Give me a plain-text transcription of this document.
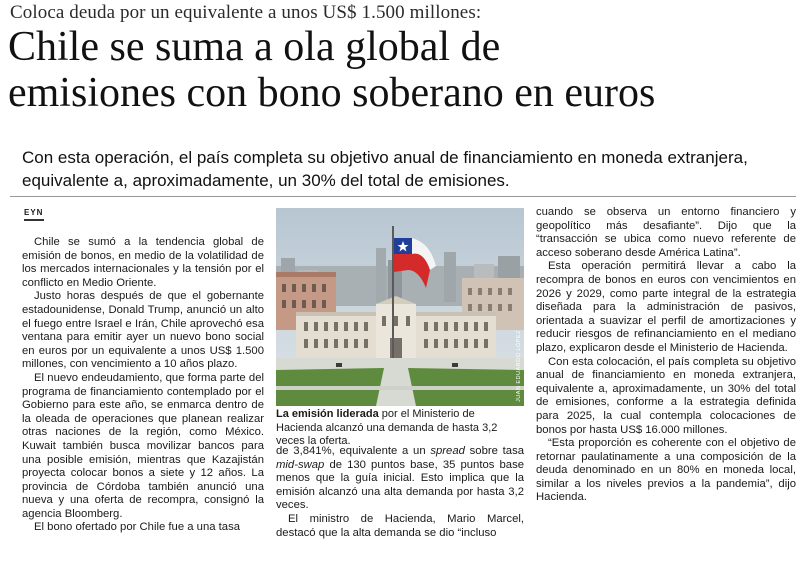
Coloca deuda por un equivalente a unos US$ 1.500 millones:
Chile se suma a ola global de
emisiones con bono soberano en euros
Con esta operación, el país completa su objetivo anual de financiamiento en moneda extranjera, equivalente a, aproximadamente, un 30% del total de emisiones.
EYN

Chile se sumó a la tendencia global de emisión de bonos, en medio de la volatilidad de los mercados internacionales y la tensión por el conflicto en Medio Oriente.

Justo horas después de que el gobernante estadounidense, Donald Trump, anunció un alto el fuego entre Israel e Irán, Chile aprovechó esa ventana para emitir ayer un nuevo bono social en euros por un equivalente a unos US$ 1.500 millones, con vencimiento a 10 años plazo.

El nuevo endeudamiento, que forma parte del programa de financiamiento contemplado por el Gobierno para este año, se enmarca dentro de la oleada de operaciones que planean realizar otras naciones de la región, como México. Kuwait también busca movilizar bancos para una posible emisión, mientras que Kazajistán proyecta colocar bonos a siete y 12 años. La provincia de Córdoba también anunció una nueva y una oferta de recompra, consignó la agencia Bloomberg.

El bono ofertado por Chile fue a una tasa

JUAN EDUARDO LÓPEZ
La emisión liderada por el Ministerio de Hacienda alcanzó una demanda de hasta 3,2 veces la oferta.

de 3,841%, equivalente a un spread sobre tasa mid-swap de 130 puntos base, 35 puntos base menos que la guía inicial. Esto implica que la emisión alcanzó una alta demanda por hasta 3,2 veces.

El ministro de Hacienda, Mario Marcel, destacó que la alta demanda se dio “incluso

cuando se observa un entorno financiero y geopolítico más desafiante”. Dijo que la “transacción se ubica como nuevo referente de acceso soberano desde América Latina”.

Esta operación permitirá llevar a cabo la recompra de bonos en euros con vencimientos en 2026 y 2029, como parte integral de la estrategia diseñada para la administración de pasivos, orientada a suavizar el perfil de amortizaciones y reducir riesgos de refinanciamiento en el mediano plazo, explicaron desde el Ministerio de Hacienda.

Con esta colocación, el país completa su objetivo anual de financiamiento en moneda extranjera, equivalente a, aproximadamente, un 30% del total de emisiones, conforme a la estrategia definida para 2025, la cual contempla colocaciones de bonos por hasta US$ 16.000 millones.

“Esta proporción es coherente con el objetivo de retornar paulatinamente a una composición de la deuda denominado en un 80% en moneda local, similar a los niveles previos a la pandemia”, dijo Hacienda.
